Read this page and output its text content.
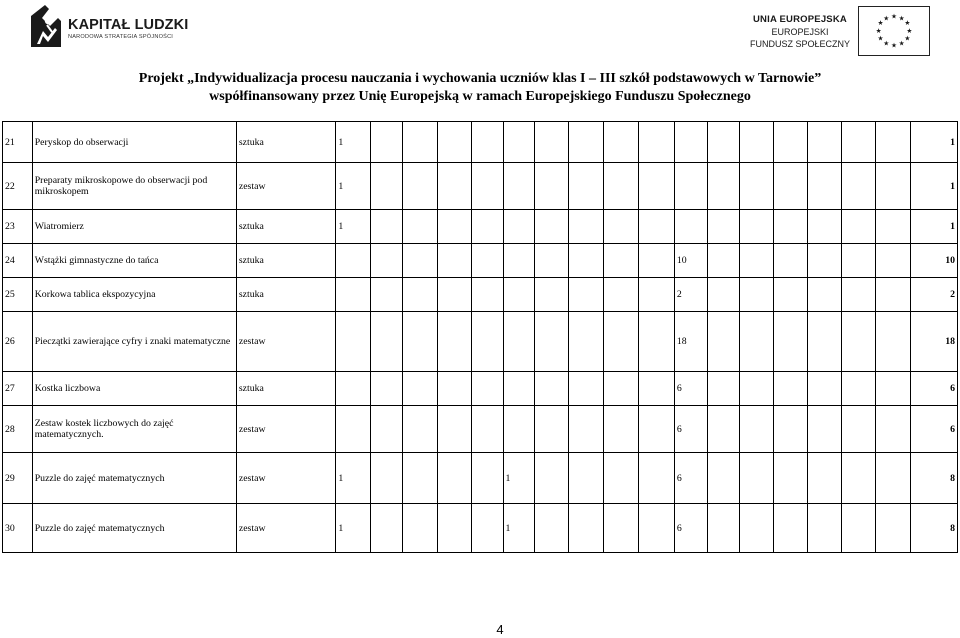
KAPITAŁ LUDZKI
NARODOWA STRATEGIA SPÓJNOŚCI
UNIA EUROPEJSKA
EUROPEJSKI
FUNDUSZ SPOŁECZNY
★ ★
★
★
★
★
★
★
★
★
★
★
Projekt „Indywidualizacja procesu nauczania i wychowania uczniów klas I – III szkół podstawowych w Tarnowie”
współfinansowany przez Unię Europejską w ramach Europejskiego Funduszu Społecznego
21	Peryskop do obserwacji	sztuka	1																	1
22	Preparaty mikroskopowe do obserwacji pod mikroskopem	zestaw	1																	1
23	Wiatromierz	sztuka	1																	1
24	Wstążki gimnastyczne do tańca	sztuka											10							10
25	Korkowa tablica ekspozycyjna	sztuka											2							2
26	Pieczątki zawierające cyfry i znaki matematyczne	zestaw											18							18
27	Kostka liczbowa	sztuka											6							6
28	Zestaw kostek liczbowych do zajęć matematycznych.	zestaw											6							6
29	Puzzle do zajęć matematycznych	zestaw	1					1					6							8
30	Puzzle do zajęć matematycznych	zestaw	1					1					6							8
4
